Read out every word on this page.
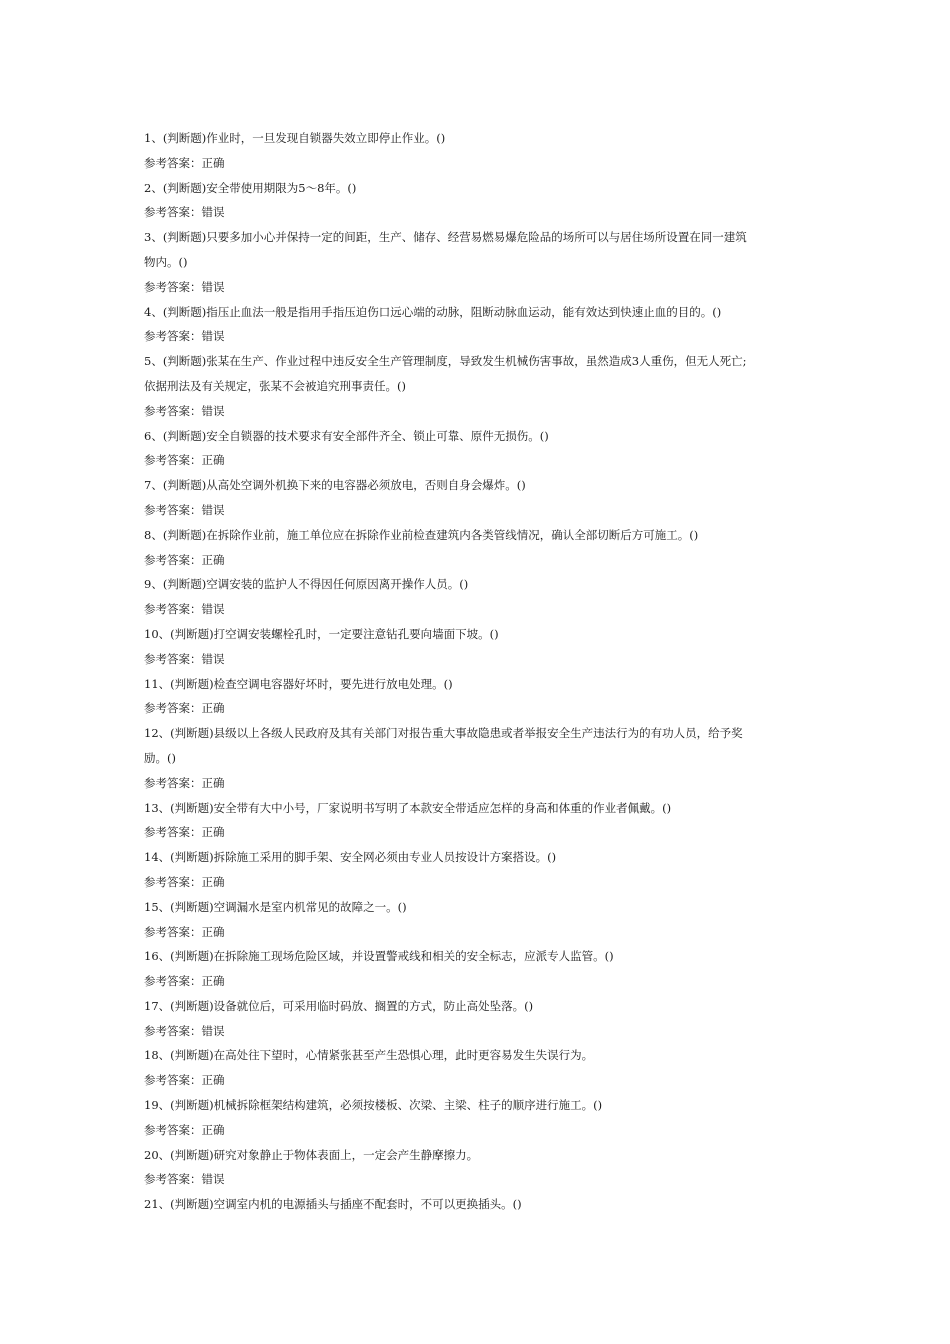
1、(判断题)作业时，一旦发现自锁器失效立即停止作业。()
参考答案：正确
2、(判断题)安全带使用期限为5～8年。()
参考答案：错误
3、(判断题)只要多加小心并保持一定的间距，生产、储存、经营易燃易爆危险品的场所可以与居住场所设置在同一建筑
物内。()
参考答案：错误
4、(判断题)指压止血法一般是指用手指压迫伤口远心端的动脉，阻断动脉血运动，能有效达到快速止血的目的。()
参考答案：错误
5、(判断题)张某在生产、作业过程中违反安全生产管理制度，导致发生机械伤害事故，虽然造成3人重伤，但无人死亡;
依据刑法及有关规定，张某不会被追究刑事责任。()
参考答案：错误
6、(判断题)安全自锁器的技术要求有安全部件齐全、锁止可靠、原件无损伤。()
参考答案：正确
7、(判断题)从高处空调外机换下来的电容器必须放电，否则自身会爆炸。()
参考答案：错误
8、(判断题)在拆除作业前，施工单位应在拆除作业前检查建筑内各类管线情况，确认全部切断后方可施工。()
参考答案：正确
9、(判断题)空调安装的监护人不得因任何原因离开操作人员。()
参考答案：错误
10、(判断题)打空调安装螺栓孔时，一定要注意钻孔要向墙面下坡。()
参考答案：错误
11、(判断题)检查空调电容器好坏时，要先进行放电处理。()
参考答案：正确
12、(判断题)县级以上各级人民政府及其有关部门对报告重大事故隐患或者举报安全生产违法行为的有功人员，给予奖
励。()
参考答案：正确
13、(判断题)安全带有大中小号，厂家说明书写明了本款安全带适应怎样的身高和体重的作业者佩戴。()
参考答案：正确
14、(判断题)拆除施工采用的脚手架、安全网必须由专业人员按设计方案搭设。()
参考答案：正确
15、(判断题)空调漏水是室内机常见的故障之一。()
参考答案：正确
16、(判断题)在拆除施工现场危险区域，并设置警戒线和相关的安全标志，应派专人监管。()
参考答案：正确
17、(判断题)设备就位后，可采用临时码放、搁置的方式，防止高处坠落。()
参考答案：错误
18、(判断题)在高处往下望时，心情紧张甚至产生恐惧心理，此时更容易发生失误行为。
参考答案：正确
19、(判断题)机械拆除框架结构建筑，必须按楼板、次梁、主梁、柱子的顺序进行施工。()
参考答案：正确
20、(判断题)研究对象静止于物体表面上，一定会产生静摩擦力。
参考答案：错误
21、(判断题)空调室内机的电源插头与插座不配套时，不可以更换插头。()
